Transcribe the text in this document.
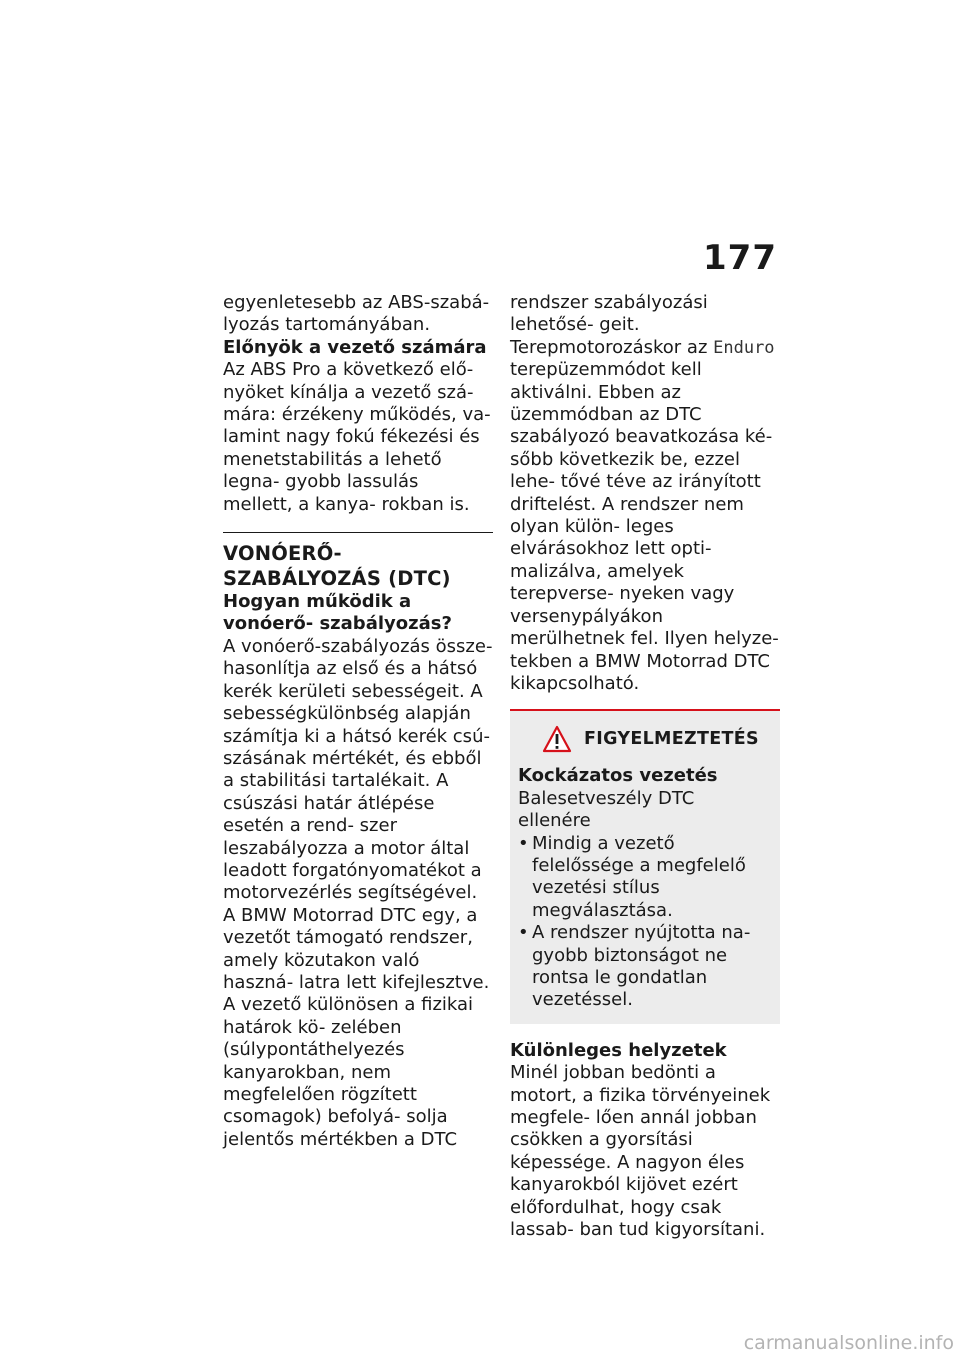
177

egyenletesebb az ABS-szabá- lyozás tartományában.

Előnyök a vezető számára

Az ABS Pro a következő elő- nyöket kínálja a vezető szá- mára: érzékeny működés, va- lamint nagy fokú fékezési és menetstabilitás a lehető legna- gyobb lassulás mellett, a kanya- rokban is.

VONÓERŐ-SZABÁLYOZÁS (DTC)

Hogyan működik a vonóerő- szabályozás?

A vonóerő-szabályozás össze- hasonlítja az első és a hátsó kerék kerületi sebességeit. A sebességkülönbség alapján számítja ki a hátsó kerék csú- szásának mértékét, és ebből a stabilitási tartalékait. A csúszási határ átlépése esetén a rend- szer leszabályozza a motor által leadott forgatónyomatékot a motorvezérlés segítségével.

A BMW Motorrad DTC egy, a vezetőt támogató rendszer, amely közutakon való haszná- latra lett kifejlesztve. A vezető különösen a fizikai határok kö- zelében (súlypontáthelyezés kanyarokban, nem megfelelően rögzített csomagok) befolyá- solja jelentős mértékben a DTC

rendszer szabályozási lehetősé- geit.

Terepmotorozáskor az Enduro terepüzemmódot kell aktiválni. Ebben az üzemmódban az DTC szabályozó beavatkozása ké- sőbb következik be, ezzel lehe- tővé téve az irányított driftelést. A rendszer nem olyan külön- leges elvárásokhoz lett opti- malizálva, amelyek terepverse- nyeken vagy versenypályákon merülhetnek fel. Ilyen helyze- tekben a BMW Motorrad DTC kikapcsolható.

FIGYELMEZTETÉS

Kockázatos vezetés

Balesetveszély DTC ellenére

• Mindig a vezető felelőssége a megfelelő vezetési stílus megválasztása.
• A rendszer nyújtotta na- gyobb biztonságot ne rontsa le gondatlan vezetéssel.

Különleges helyzetek

Minél jobban bedönti a motort, a fizika törvényeinek megfele- lően annál jobban csökken a gyorsítási képessége. A nagyon éles kanyarokból kijövet ezért előfordulhat, hogy csak lassab- ban tud kigyorsítani.

carmanualsonline.info
